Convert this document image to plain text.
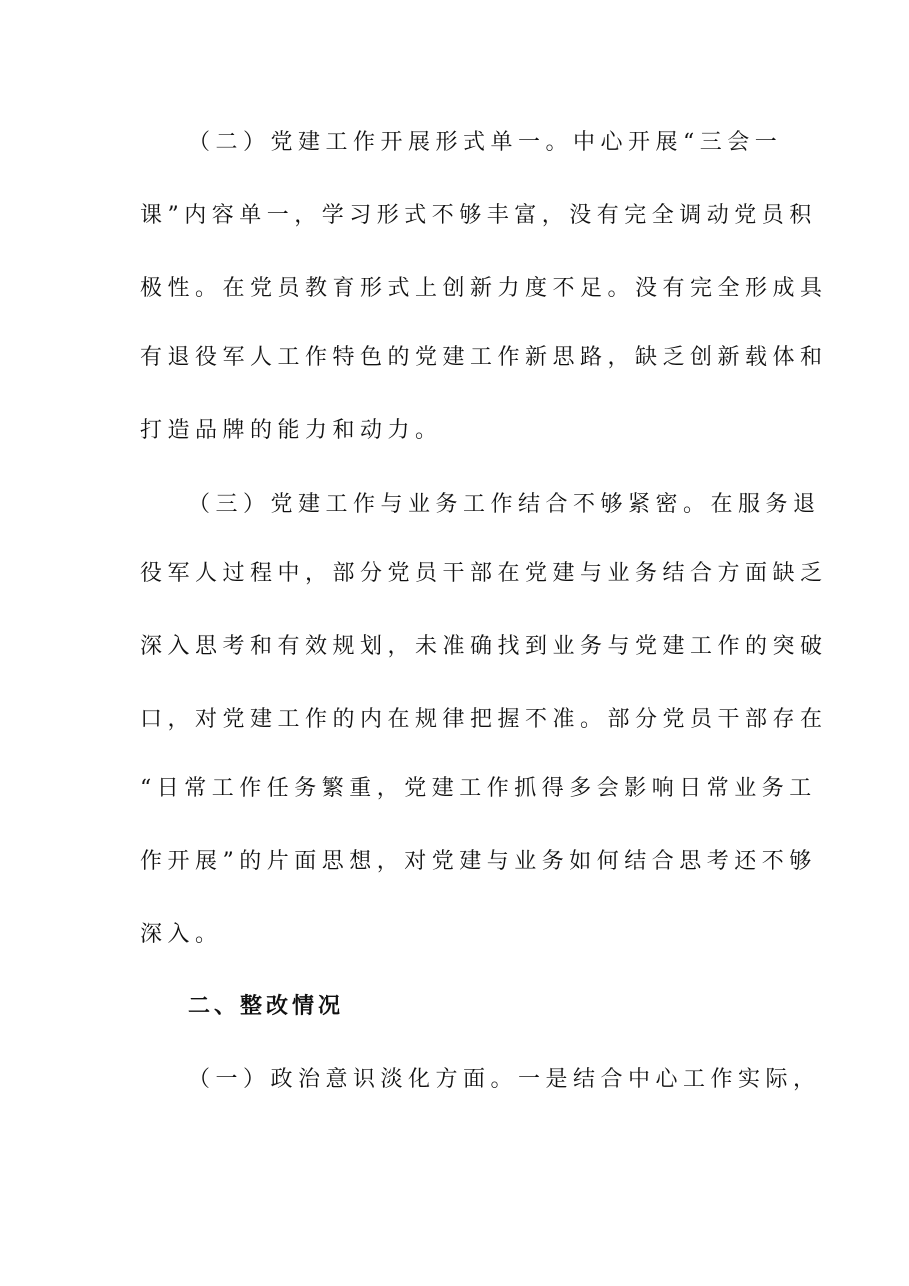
（二）党建工作开展形式单一。中心开展“三会一
课”内容单一，学习形式不够丰富，没有完全调动党员积
极性。在党员教育形式上创新力度不足。没有完全形成具
有退役军人工作特色的党建工作新思路，缺乏创新载体和
打造品牌的能力和动力。
（三）党建工作与业务工作结合不够紧密。在服务退
役军人过程中，部分党员干部在党建与业务结合方面缺乏
深入思考和有效规划，未准确找到业务与党建工作的突破
口，对党建工作的内在规律把握不准。部分党员干部存在
“日常工作任务繁重，党建工作抓得多会影响日常业务工
作开展”的片面思想，对党建与业务如何结合思考还不够
深入。
二、整改情况
（一）政治意识淡化方面。一是结合中心工作实际，
